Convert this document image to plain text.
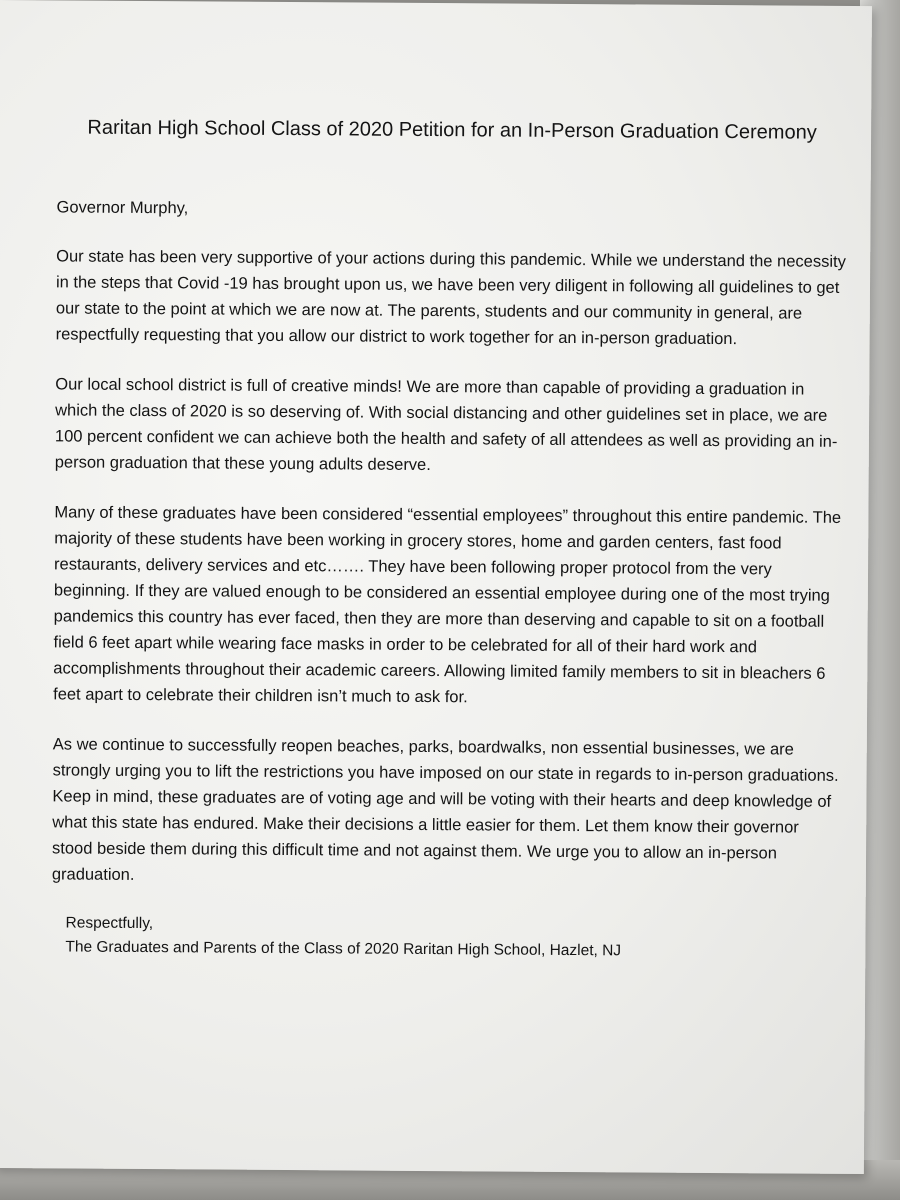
Raritan High School Class of 2020 Petition for an In-Person Graduation Ceremony

Governor Murphy,

Our state has been very supportive of your actions during this pandemic. While we understand the necessity in the steps that Covid -19 has brought upon us, we have been very diligent in following all guidelines to get our state to the point at which we are now at. The parents, students and our community in general, are respectfully requesting that you allow our district to work together for an in-person graduation.

Our local school district is full of creative minds! We are more than capable of providing a graduation in which the class of 2020 is so deserving of. With social distancing and other guidelines set in place, we are 100 percent confident we can achieve both the health and safety of all attendees as well as providing an in-person graduation that these young adults deserve.

Many of these graduates have been considered “essential employees” throughout this entire pandemic. The majority of these students have been working in grocery stores, home and garden centers, fast food restaurants, delivery services and etc……. They have been following proper protocol from the very beginning. If they are valued enough to be considered an essential employee during one of the most trying pandemics this country has ever faced, then they are more than deserving and capable to sit on a football field 6 feet apart while wearing face masks in order to be celebrated for all of their hard work and accomplishments throughout their academic careers. Allowing limited family members to sit in bleachers 6 feet apart to celebrate their children isn’t much to ask for.

As we continue to successfully reopen beaches, parks, boardwalks, non essential businesses, we are strongly urging you to lift the restrictions you have imposed on our state in regards to in-person graduations. Keep in mind, these graduates are of voting age and will be voting with their hearts and deep knowledge of what this state has endured. Make their decisions a little easier for them. Let them know their governor stood beside them during this difficult time and not against them. We urge you to allow an in-person graduation.

Respectfully,

The Graduates and Parents of the Class of 2020 Raritan High School, Hazlet, NJ
